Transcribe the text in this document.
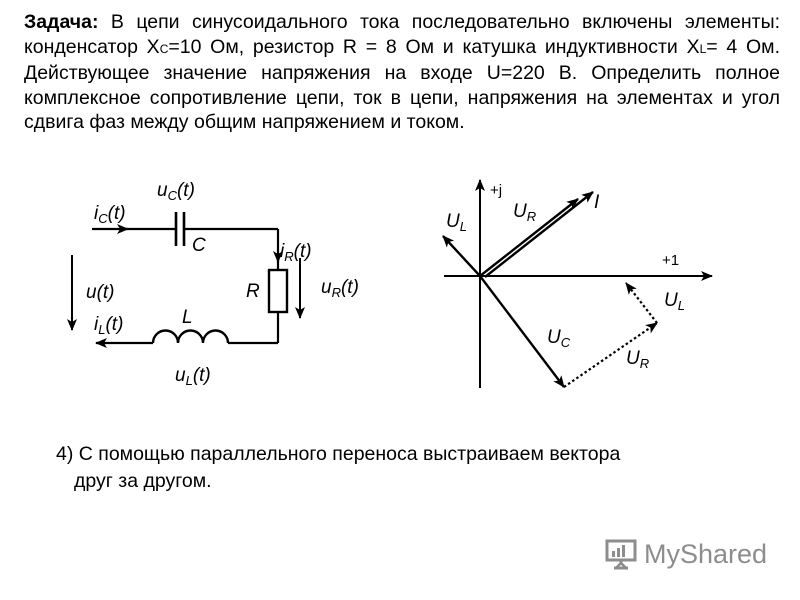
Задача: В цепи синусоидального тока последовательно включены элементы: конденсатор XC=10 Ом, резистор R = 8 Ом и катушка индуктивности XL= 4 Ом. Действующее значение напряжения на входе U=220 В. Определить полное комплексное сопротивление цепи, ток в цепи, напряжения на элементах и угол сдвига фаз между общим напряжением и током.
$i_C(t)$
$u_C(t)$
C	$i_R(t)$
R	$u_R(t)$
u(t)
$i_L(t)$	L
$u_L(t)$
+j
+1
$U_L$
$U_R$
I
$U_L$
$U_C$
$U_R$
4) С помощью параллельного переноса выстраиваем вектора
друг за другом.
MyShared
